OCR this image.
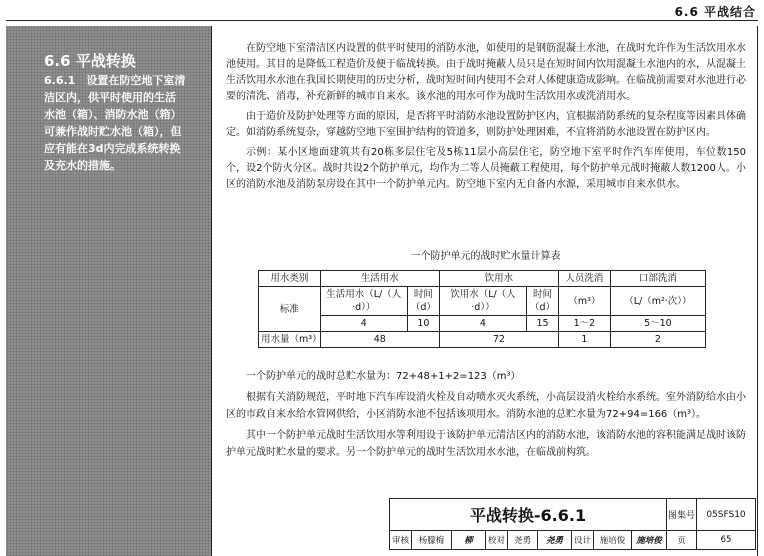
6.6 平战结合
6.6 平战转换
6.6.1　设置在防空地下室清洁区内，供平时使用的生活水池（箱）、消防水池（箱）可兼作战时贮水池（箱），但应有能在3d内完成系统转换及充水的措施。

在防空地下室清洁区内设置的供平时使用的消防水池，如使用的是钢筋混凝土水池，在战时允许作为生活饮用水水池使用。其目的是降低工程造价及便于临战转换。由于战时掩蔽人员只是在短时间内饮用混凝土水池内的水，从混凝土生活饮用水水池在我国长期使用的历史分析，战时短时间内使用不会对人体健康造成影响。在临战前需要对水池进行必要的清洗、消毒，补充新鲜的城市自来水。该水池的用水可作为战时生活饮用水或洗消用水。

由于造价及防护处理等方面的原因，是否将平时消防水池设置防护区内，宜根据消防系统的复杂程度等因素具体确定。如消防系统复杂，穿越防空地下室围护结构的管道多，则防护处理困难，不宜将消防水池设置在防护区内。

示例：某小区地面建筑共有20栋多层住宅及5栋11层小高层住宅，防空地下室平时作汽车库使用，车位数150个，设2个防火分区。战时共设2个防护单元，均作为二等人员掩蔽工程使用，每个防护单元战时掩蔽人数1200人。小区的消防水池及消防泵房设在其中一个防护单元内。防空地下室内无自备内水源，采用城市自来水供水。

一个防护单元的战时贮水量计算表
用水类别	生活用水		饮用水		人员洗消	口部洗消
标准	生活用水（L/（人·d））	时间（d）	饮用水（L/（人·d））	时间（d）	（m³）	（L/（m²·次））
	4	10	4	15	1～2	5～10
用水量（m³）	48		72		1	2

一个防护单元的战时总贮水量为：72+48+1+2=123（m³）

根据有关消防规范，平时地下汽车库设消火栓及自动喷水灭火系统，小高层设消火栓给水系统。室外消防给水由小区的市政自来水给水管网供给，小区消防水池不包括该项用水。消防水池的总贮水量为72+94=166（m³）。

其中一个防护单元战时生活饮用水等利用设于该防护单元清洁区内的消防水池，该消防水池的容积能满足战时该防护单元战时贮水量的要求。另一个防护单元的战时生活饮用水水池，在临战前构筑。

平战转换-6.6.1	图集号	05SFS10
审核	杨朦梅	柳	校对	尧勇	尧勇	设计	施培俊	施培俊	页	65
